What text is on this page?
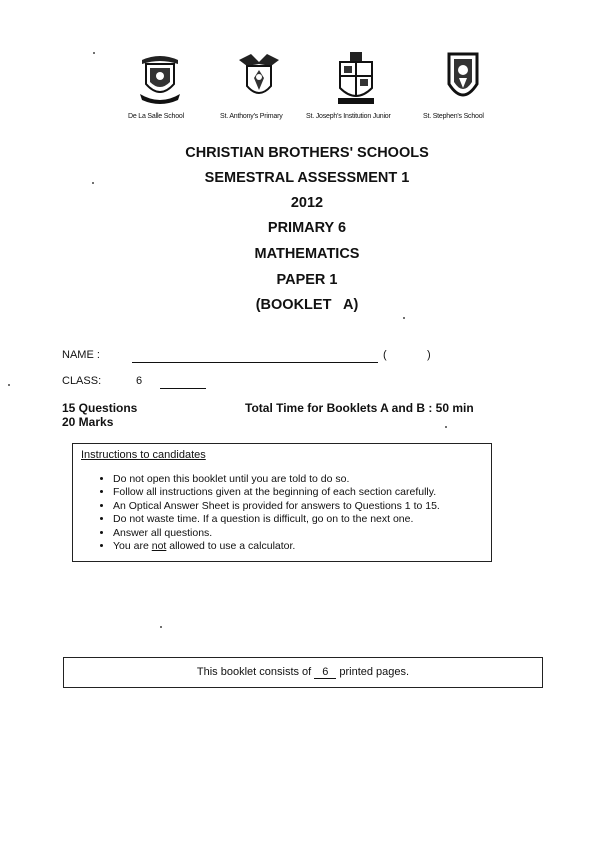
De La Salle School	St. Anthony's Primary	St. Joseph's Institution Junior	St. Stephen's School
CHRISTIAN BROTHERS' SCHOOLS
SEMESTRAL ASSESSMENT 1
2012
PRIMARY 6
MATHEMATICS
PAPER 1
(BOOKLET   A)
NAME :	(	)
CLASS:	6
15 Questions
20 Marks
Total Time for Booklets A and B : 50 min
Instructions to candidates
• Do not open this booklet until you are told to do so.
• Follow all instructions given at the beginning of each section carefully.
• An Optical Answer Sheet is provided for answers to Questions 1 to 15.
• Do not waste time. If a question is difficult, go on to the next one.
• Answer all questions.
• You are not allowed to use a calculator.
This booklet consists of 6 printed pages.
